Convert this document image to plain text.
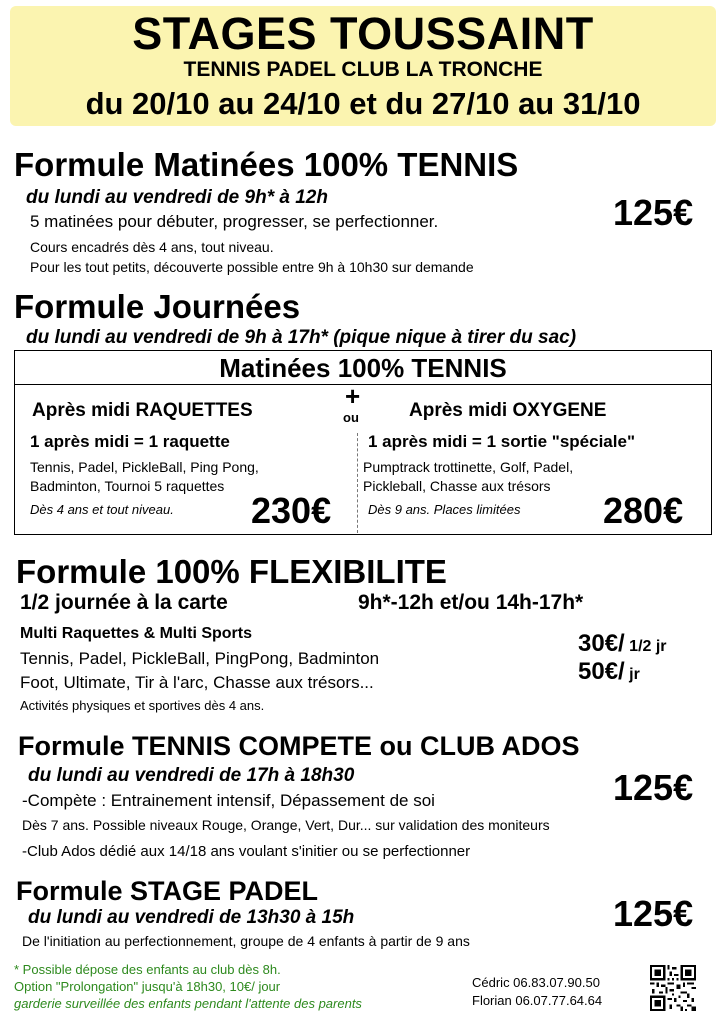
STAGES TOUSSAINT
TENNIS PADEL CLUB LA TRONCHE
du 20/10 au 24/10 et du 27/10 au 31/10
Formule Matinées 100% TENNIS
du lundi au vendredi de 9h* à 12h
5 matinées pour débuter, progresser, se perfectionner.
Cours encadrés dès 4 ans, tout niveau.
Pour les tout petits, découverte possible entre 9h à 10h30 sur demande
125€
Formule Journées
du lundi au vendredi de 9h à 17h* (pique nique à tirer du sac)
Matinées 100% TENNIS
+
ou
Après midi RAQUETTES
1 après midi = 1 raquette
Tennis, Padel, PickleBall, Ping Pong,
Badminton, Tournoi 5 raquettes
Dès 4 ans et tout niveau. 230€
Après midi OXYGENE
1 après midi = 1 sortie "spéciale"
Pumptrack trottinette, Golf, Padel,
Pickleball, Chasse aux trésors
Dès 9 ans. Places limitées 280€
Formule 100% FLEXIBILITE
1/2 journée à la carte	9h*-12h et/ou 14h-17h*
Multi Raquettes & Multi Sports
Tennis, Padel, PickleBall, PingPong, Badminton
Foot, Ultimate, Tir à l'arc, Chasse aux trésors...
Activités physiques et sportives dès 4 ans.
30€/ 1/2 jr
50€/ jr
Formule TENNIS COMPETE ou CLUB ADOS
du lundi au vendredi de 17h à 18h30
-Compète : Entrainement intensif, Dépassement de soi
Dès 7 ans. Possible niveaux Rouge, Orange, Vert, Dur... sur validation des moniteurs
-Club Ados dédié aux 14/18 ans voulant s'initier ou se perfectionner
125€
Formule STAGE PADEL
du lundi au vendredi de 13h30 à 15h
De l'initiation au perfectionnement, groupe de 4 enfants à partir de 9 ans
125€
* Possible dépose des enfants au club dès 8h.
Option "Prolongation" jusqu'à 18h30, 10€/ jour
garderie surveillée des enfants pendant l'attente des parents
Cédric 06.83.07.90.50
Florian 06.07.77.64.64
